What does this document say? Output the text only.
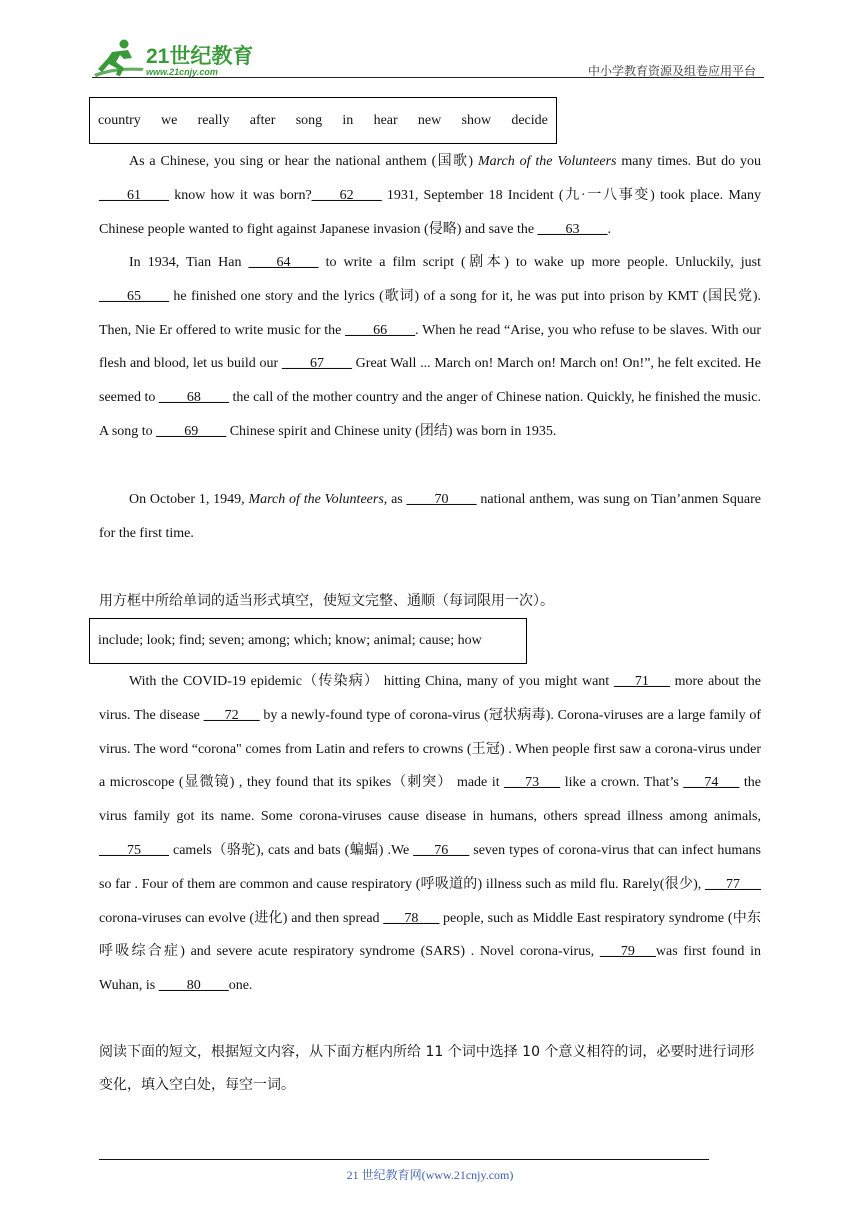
21世纪教育
www.21cnjy.com	中小学教育资源及组卷应用平台
country we really after song in hear new show decide

As a Chinese, you sing or hear the national anthem (国歌) March of the Volunteers many times. But do you ____61____ know how it was born?____62____ 1931, September 18 Incident (九·一八事变) took place. Many Chinese people wanted to fight against Japanese invasion (侵略) and save the ____63____.

In 1934, Tian Han ____64____ to write a film script (剧本) to wake up more people. Unluckily, just ____65____ he finished one story and the lyrics (歌词) of a song for it, he was put into prison by KMT (国民党). Then, Nie Er offered to write music for the ____66____. When he read “Arise, you who refuse to be slaves. With our flesh and blood, let us build our ____67____ Great Wall ... March on! March on! March on! On!”, he felt excited. He seemed to ____68____ the call of the mother country and the anger of Chinese nation. Quickly, he finished the music. A song to ____69____ Chinese spirit and Chinese unity (团结) was born in 1935.

On October 1, 1949, March of the Volunteers, as ____70____ national anthem, was sung on Tian’anmen Square for the first time.

用方框中所给单词的适当形式填空，使短文完整、通顺（每词限用一次）。

include; look; find; seven; among; which; know; animal; cause; how

With the COVID-19 epidemic（传染病） hitting China, many of you might want ___71___ more about the virus. The disease ___72___ by a newly-found type of corona-virus (冠状病毒). Corona-viruses are a large family of virus. The word “corona" comes from Latin and refers to crowns (王冠) . When people first saw a corona-virus under a microscope (显微镜) , they found that its spikes（刺突） made it ___73___ like a crown. That’s ___74___ the virus family got its name. Some corona-viruses cause disease in humans, others spread illness among animals, ____75____ camels（骆驼), cats and bats (蝙蝠) .We ___76___ seven types of corona-virus that can infect humans so far . Four of them are common and cause respiratory (呼吸道的) illness such as mild flu. Rarely(很少), ___77___ corona-viruses can evolve (进化) and then spread ___78___ people, such as Middle East respiratory syndrome (中东呼吸综合症) and severe acute respiratory syndrome (SARS) . Novel corona-virus, ___79___was first found in Wuhan, is ____80____one.

阅读下面的短文，根据短文内容，从下面方框内所给 11 个词中选择 10 个意义相符的词，必要时进行词形变化，填入空白处，每空一词。

21 世纪教育网(www.21cnjy.com)
